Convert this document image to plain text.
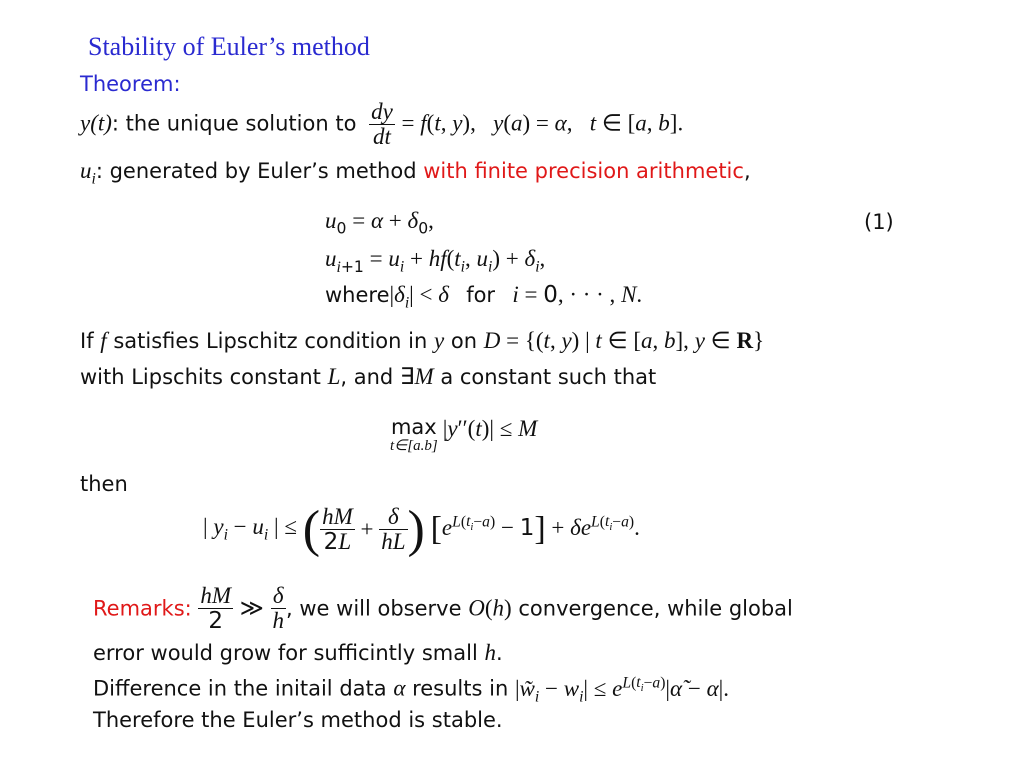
Stability of Euler’s method
Theorem:
y(t): the unique solution to $\frac{dy}{dt} = f(t$, y),   y(a) = α,   t ∈ [a, b].
$u_i$: generated by Euler’s method with finite precision arithmetic,
$u_0 = \alpha + \delta_0$,	(1)
$u_{i+1} = u_i + hf(t_i$, $u_i) + \delta_i$,
$where|\delta_i| < \delta$ for i = 0, · · · , N.
If f satisfies Lipschitz condition in y on D = {(t, y) | t ∈ [a, b], y ∈ R}
with Lipschits constant L, and ∃M a constant such that
max
t∈[a.b]
|y′′(t)| ≤ M
then
| $y_i - u_i$ | ≤ ( $\frac{hM}{2L} + \frac{\delta}{hL}$ ) $[e^{L(t_i-a)} - 1] + \delta e^{L(t_i-a)}$.
Remarks: $\frac{hM}{2}$ ≫ $\frac{\delta}{h}$ , we will observe O(h) convergence, while global
error would grow for sufficintly small h.
Difference in the initail data α results in $|w̃_i - w_i|$ ≤ $e^{L(t_i-a)}|\alphã - \alpha|$.
Therefore the Euler’s method is stable.
